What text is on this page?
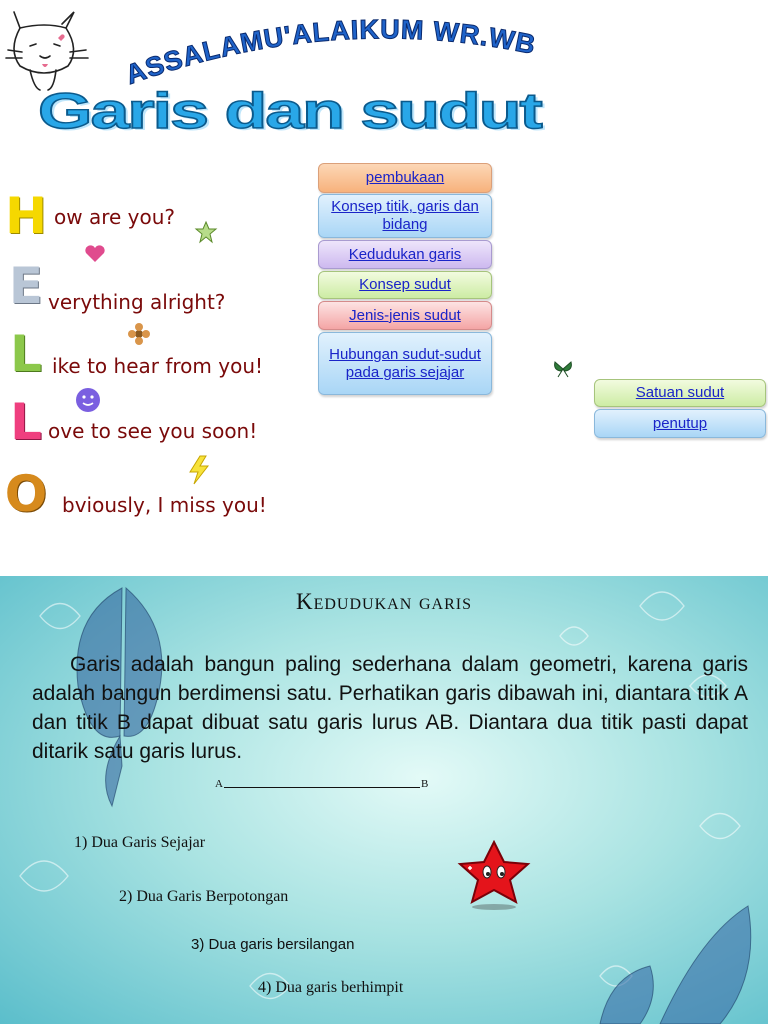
ASSALAMU'ALAIKUM WR.WB
Garis dan sudut
H ow are you?
E verything alright?
L ike to hear from you!
L ove to see you soon!
O bviously, I miss you!
pembukaan
Konsep titik, garis dan bidang
Kedudukan garis
Konsep sudut
Jenis-jenis sudut
Hubungan sudut-sudut pada garis sejajar
Satuan sudut
penutup
Kedudukan garis

Garis adalah bangun paling sederhana dalam geometri, karena garis adalah bangun berdimensi satu. Perhatikan garis dibawah ini, diantara titik A dan titik B dapat dibuat satu garis lurus AB. Diantara dua titik pasti dapat ditarik satu garis lurus.

A	B
1) Dua Garis Sejajar
2) Dua Garis Berpotongan
3) Dua garis bersilangan
4) Dua garis berhimpit
